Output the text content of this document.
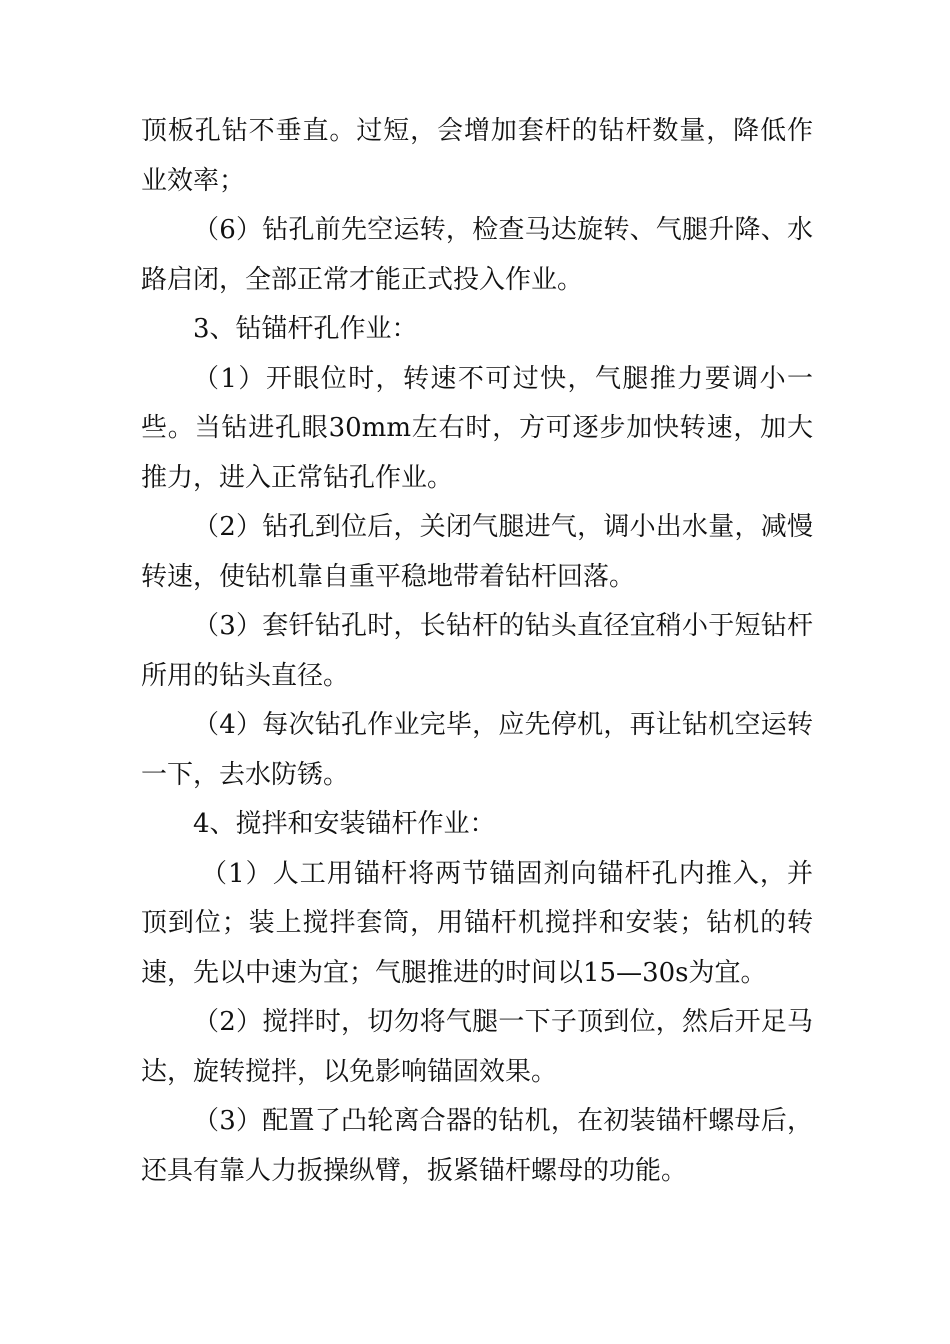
顶板孔钻不垂直。过短，会增加套杆的钻杆数量，降低作业效率；

（6）钻孔前先空运转，检查马达旋转、气腿升降、水路启闭，全部正常才能正式投入作业。

3、钻锚杆孔作业：

（1）开眼位时，转速不可过快，气腿推力要调小一些。当钻进孔眼30mm左右时，方可逐步加快转速，加大推力，进入正常钻孔作业。

（2）钻孔到位后，关闭气腿进气，调小出水量，减慢转速，使钻机靠自重平稳地带着钻杆回落。

（3）套钎钻孔时，长钻杆的钻头直径宜稍小于短钻杆所用的钻头直径。

（4）每次钻孔作业完毕，应先停机，再让钻机空运转一下，去水防锈。

4、搅拌和安装锚杆作业：

（1）人工用锚杆将两节锚固剂向锚杆孔内推入，并顶到位；装上搅拌套筒，用锚杆机搅拌和安装；钻机的转速，先以中速为宜；气腿推进的时间以15—30s为宜。

（2）搅拌时，切勿将气腿一下子顶到位，然后开足马达，旋转搅拌，以免影响锚固效果。

（3）配置了凸轮离合器的钻机，在初装锚杆螺母后，还具有靠人力扳操纵臂，扳紧锚杆螺母的功能。
